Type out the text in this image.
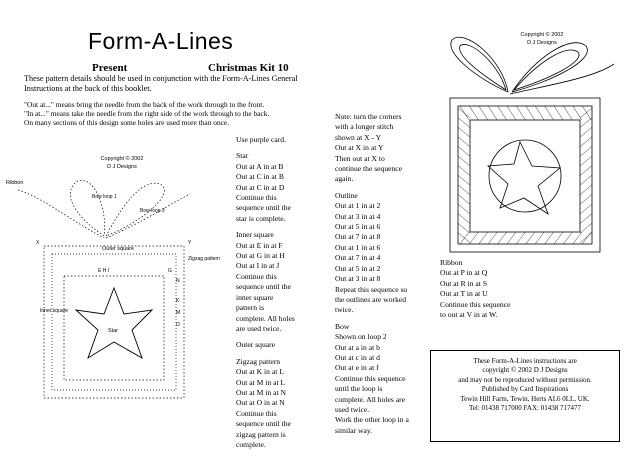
Form-A-Lines
Present	Christmas Kit 10
These pattern details should be used in conjunction with the Form-A-Lines General Instructions at the back of this booklet.

"Out at..." means bring the needle from the back of the work through to the front.

"In at..." means take the needle from the right side of the work through to the back.

On many sections of this design some holes are used more than once.

Copyright © 2002
D J Designs
Ribbon
Bow loop 1
Bow loop 2
Outer square
Zigzag pattern
Inner square
E H I	G
N
K
M
O
X	Y
Star

Use purple card.

Star

Out at A in at B

Out at C in at B

Out at C in at D

Continue this

sequence until the

star is complete.

Inner square

Out at E in at F

Out at G in at H

Out at I in at J

Continue this

sequence until the

inner square

pattern is

complete. All holes

are used twice.

Outer square

Zigzag pattern

Out at K in at L

Out at M in at L

Out at M in at N

Out at O in at N

Continue this

sequence until the

zigzag pattern is

complete.

Note: turn the corners

with a longer stitch

shown at X - Y

Out at X in at Y

Then out at X to

continue the sequence

again.

Outline

Out at 1 in at 2

Out at 3 in at 4

Out at 5 in at 6

Out at 7 in at 8

Out at 1 in at 6

Out at 7 in at 4

Out at 5 in at 2

Out at 3 in at 8

Repeat this sequence so

the outlines are worked

twice.

Bow

Shown on loop 2

Out at a in at b

Out at c in at d

Out at e in at f

Continue this sequence

until the loop is

complete. All holes are

used twice.

Work the other loop in a

similar way.

Copyright © 2002
D J Designs

Ribbon

Out at P in at Q

Out at R in at S

Out at T in at U

Continue this sequence

to out at V in at W.

These Form-A-Lines instructions are

copyright © 2002 D J Designs

and may not be reproduced without permission.

Published by Card Inspirations

Tewin Hill Farm, Tewin, Herts AL6 0LL, UK.

Tel: 01438 717000 FAX: 01438 717477
